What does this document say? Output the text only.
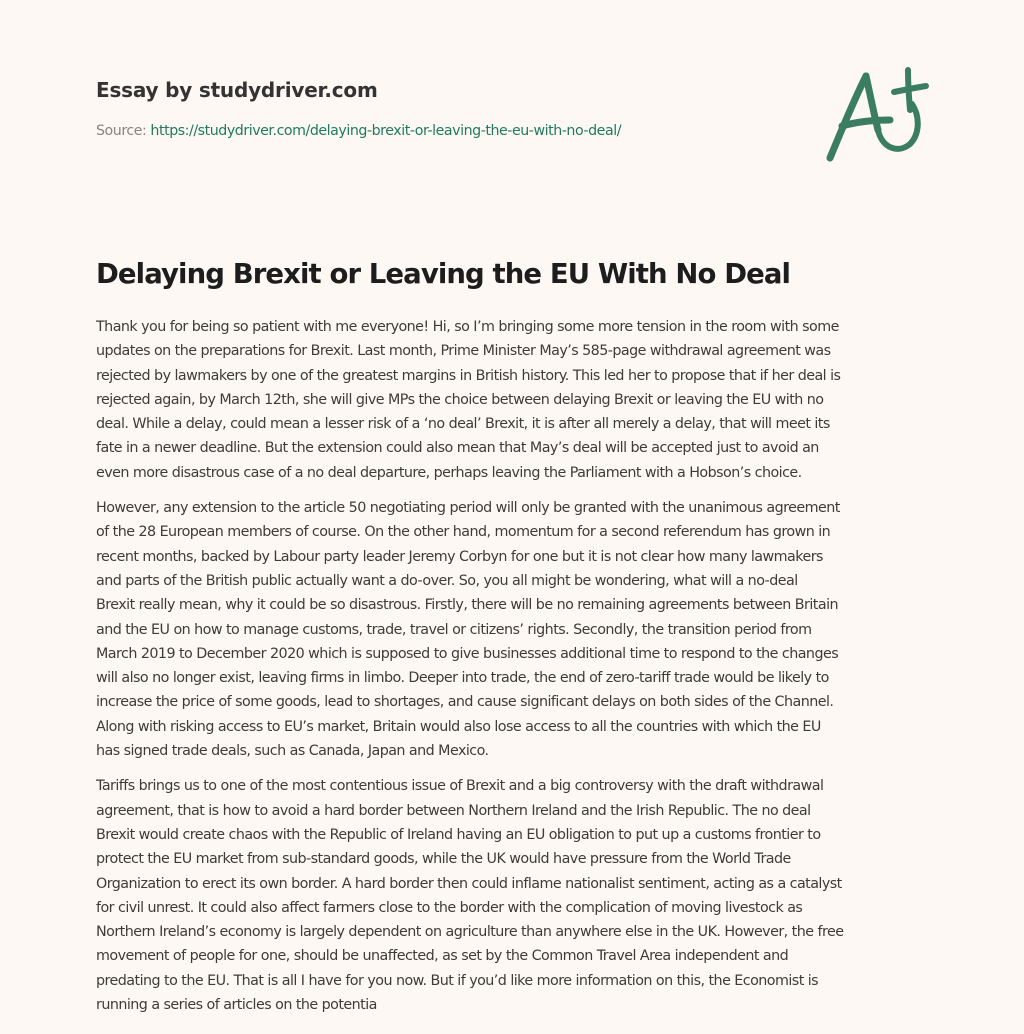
Essay by studydriver.com
Source: https://studydriver.com/delaying-brexit-or-leaving-the-eu-with-no-deal/
Delaying Brexit or Leaving the EU With No Deal

Thank you for being so patient with me everyone! Hi, so I’m bringing some more tension in the room with some
updates on the preparations for Brexit. Last month, Prime Minister May’s 585-page withdrawal agreement was
rejected by lawmakers by one of the greatest margins in British history. This led her to propose that if her deal is
rejected again, by March 12th, she will give MPs the choice between delaying Brexit or leaving the EU with no
deal. While a delay, could mean a lesser risk of a ‘no deal’ Brexit, it is after all merely a delay, that will meet its
fate in a newer deadline. But the extension could also mean that May’s deal will be accepted just to avoid an
even more disastrous case of a no deal departure, perhaps leaving the Parliament with a Hobson’s choice.

However, any extension to the article 50 negotiating period will only be granted with the unanimous agreement
of the 28 European members of course. On the other hand, momentum for a second referendum has grown in
recent months, backed by Labour party leader Jeremy Corbyn for one but it is not clear how many lawmakers
and parts of the British public actually want a do-over. So, you all might be wondering, what will a no-deal
Brexit really mean, why it could be so disastrous. Firstly, there will be no remaining agreements between Britain
and the EU on how to manage customs, trade, travel or citizens’ rights. Secondly, the transition period from
March 2019 to December 2020 which is supposed to give businesses additional time to respond to the changes
will also no longer exist, leaving firms in limbo. Deeper into trade, the end of zero-tariff trade would be likely to
increase the price of some goods, lead to shortages, and cause significant delays on both sides of the Channel.
Along with risking access to EU’s market, Britain would also lose access to all the countries with which the EU
has signed trade deals, such as Canada, Japan and Mexico.

Tariffs brings us to one of the most contentious issue of Brexit and a big controversy with the draft withdrawal
agreement, that is how to avoid a hard border between Northern Ireland and the Irish Republic. The no deal
Brexit would create chaos with the Republic of Ireland having an EU obligation to put up a customs frontier to
protect the EU market from sub-standard goods, while the UK would have pressure from the World Trade
Organization to erect its own border. A hard border then could inflame nationalist sentiment, acting as a catalyst
for civil unrest. It could also affect farmers close to the border with the complication of moving livestock as
Northern Ireland’s economy is largely dependent on agriculture than anywhere else in the UK. However, the free
movement of people for one, should be unaffected, as set by the Common Travel Area independent and
predating to the EU. That is all I have for you now. But if you’d like more information on this, the Economist is
running a series of articles on the potentia
